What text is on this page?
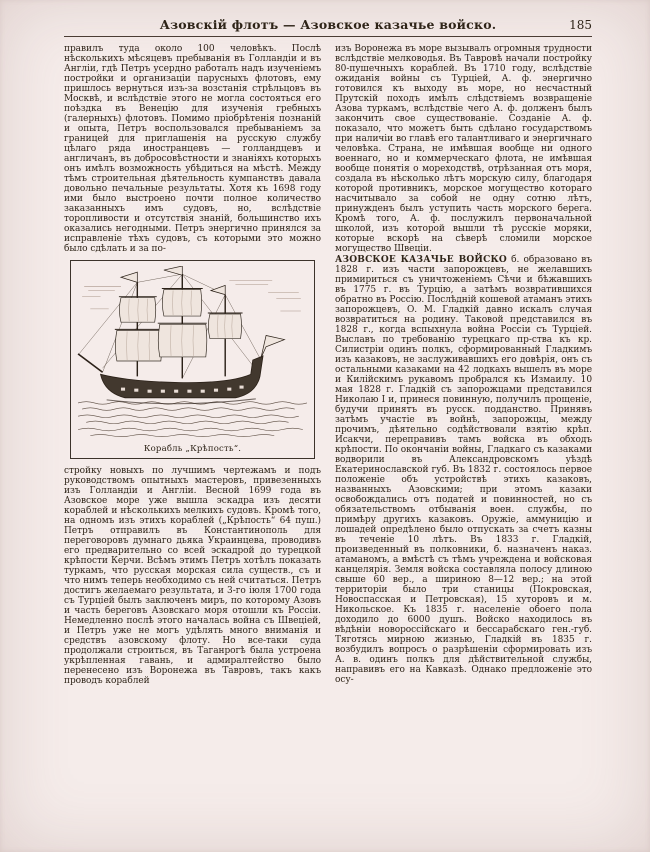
Азовскій флотъ — Азовское казачье войско.	185

правилъ туда около 100 человѣкъ. Послѣ нѣсколькихъ мѣсяцевъ пребыванія въ Голландіи и въ Англіи, гдѣ Петръ усердно работалъ надъ изученіемъ постройки и организаціи парусныхъ флотовъ, ему пришлось вернуться изъ-за возстанія стрѣльцовъ въ Москвѣ, и вслѣдствіе этого не могла состояться его поѣздка въ Венецію для изученія гребныхъ (галерныхъ) флотовъ. Помимо пріобрѣтенія познаній и опыта, Петръ воспользовался пребываніемъ за границей для приглашенія на русскую службу цѣлаго ряда иностранцевъ — голландцевъ и англичанъ, въ добросовѣстности и знаніяхъ которыхъ онъ имѣлъ возможность убѣдиться на мѣстѣ. Между тѣмъ строительная дѣятельность кумпанствъ давала довольно печальные результаты. Хотя къ 1698 году ими было выстроено почти полное количество заказанныхъ имъ судовъ, но, вслѣдствіе торопливости и отсутствія знаній, большинство ихъ оказались негодными. Петръ энергично принялся за исправленіе тѣхъ судовъ, съ которыми это можно было сдѣлать и за по-

Корабль „Крѣпость“.

стройку новыхъ по лучшимъ чертежамъ и подъ руководствомъ опытныхъ мастеровъ, привезенныхъ изъ Голландіи и Англіи. Весной 1699 года въ Азовское море уже вышла эскадра изъ десяти кораблей и нѣсколькихъ мелкихъ судовъ. Кромѣ того, на одномъ изъ этихъ кораблей („Крѣпость“ 64 пуш.) Петръ отправилъ въ Константинополь для переговоровъ думнаго дьяка Украинцева, проводивъ его предварительно со всей эскадрой до турецкой крѣпости Керчи. Всѣмъ этимъ Петръ хотѣлъ показать туркамъ, что русская морская сила существ., съ и что нимъ теперь необходимо съ ней считаться. Петръ достигъ желаемаго результата, и 3-го іюля 1700 года съ Турціей былъ заключенъ миръ, по которому Азовъ и часть береговъ Азовскаго моря отошли къ Россіи. Немедленно послѣ этого началась война съ Швеціей, и Петръ уже не могъ удѣлять много вниманія и средствъ азовскому флоту. Но все-таки суда продолжали строиться, въ Таганрогѣ была устроена укрѣпленная гавань, и адмиралтейство было перенесено изъ Воронежа въ Тавровъ, такъ какъ проводъ кораблей

изъ Воронежа въ море вызывалъ огромныя трудности вслѣдствіе мелководья. Въ Тавровѣ начали постройку 80-пушечныхъ кораблей. Въ 1710 году, вслѣдствіе ожиданія войны съ Турціей, А. ф. энергично готовился къ выходу въ море, но несчастный Прутскій походъ имѣлъ слѣдствіемъ возвращеніе Азова туркамъ, вслѣдствіе чего А. ф. долженъ былъ закончить свое существованіе. Созданіе А. ф. показало, что можетъ быть сдѣлано государствомъ при наличіи во главѣ его талантливаго и энергичнаго человѣка. Страна, не имѣвшая вообще ни одного военнаго, но и коммерческаго флота, не имѣвшая вообще понятія о мореходствѣ, отрѣзанная отъ моря, создала въ нѣсколько лѣтъ морскую силу, благодаря которой противникъ, морское могущество котораго насчитывало за собой не одну сотню лѣтъ, принужденъ былъ уступить часть морского берега. Кромѣ того, А. ф. послужилъ первоначальной школой, изъ которой вышли тѣ русскіе моряки, которые вскорѣ на сѣверѣ сломили морское могущество Швеціи.

АЗОВСКОЕ КАЗАЧЬЕ ВОЙСКО б. образовано въ 1828 г. изъ части запорожцевъ, не желавшихъ примириться съ уничтоженіемъ Сѣчи и бѣжавшихъ въ 1775 г. въ Турцію, а затѣмъ возвратившихся обратно въ Россію. Послѣдній кошевой атаманъ этихъ запорожцевъ, О. М. Гладкій давно искалъ случая возвратиться на родину. Таковой представился въ 1828 г., когда вспыхнула война Россіи съ Турціей. Выславъ по требованію турецкаго пр-ства къ кр. Силистріи одинъ полкъ, сформированный Гладкимъ изъ казаковъ, не заслуживавшихъ его довѣрія, онъ съ остальными казаками на 42 лодкахъ вышелъ въ море и Килійскимъ рукавомъ пробрался къ Измаилу. 10 мая 1828 г. Гладкій съ запорожцами представился Николаю I и, принеся повинную, получилъ прощеніе, будучи принятъ въ русск. подданство. Принявъ затѣмъ участіе въ войнѣ, запорожцы, между прочимъ, дѣятельно содѣйствовали взятію крѣп. Исакчи, переправивъ тамъ войска въ обходъ крѣпости. По окончаніи войны, Гладкаго съ казаками водворили въ Александровскомъ уѣздѣ Екатеринославской губ. Въ 1832 г. состоялось первое положеніе объ устройствѣ этихъ казаковъ, названныхъ Азовскими; при этомъ казаки освобождались отъ податей и повинностей, но съ обязательствомъ отбыванія воен. службы, по примѣру другихъ казаковъ. Оружіе, аммуницію и лошадей опредѣлено было отпускать за счетъ казны въ теченіе 10 лѣтъ. Въ 1833 г. Гладкій, произведенный въ полковники, б. назначенъ наказ. атаманомъ, а вмѣстѣ съ тѣмъ учреждена и войсковая канцелярія. Земля войска составляла полосу длиною свыше 60 вер., а шириною 8—12 вер.; на этой территоріи было три станицы (Покровская, Новоспасская и Петровская), 15 хуторовъ и м. Никольское. Къ 1835 г. населеніе обоего пола доходило до 6000 душъ. Войско находилось въ вѣдѣніи новороссійскаго и бессарабскаго ген.-губ. Тяготясь мирною жизнью, Гладкій въ 1835 г. возбудилъ вопросъ о разрѣшеніи сформировать изъ А. в. одинъ полкъ для дѣйствительной службы, направивъ его на Кавказѣ. Однако предложеніе это осу-
